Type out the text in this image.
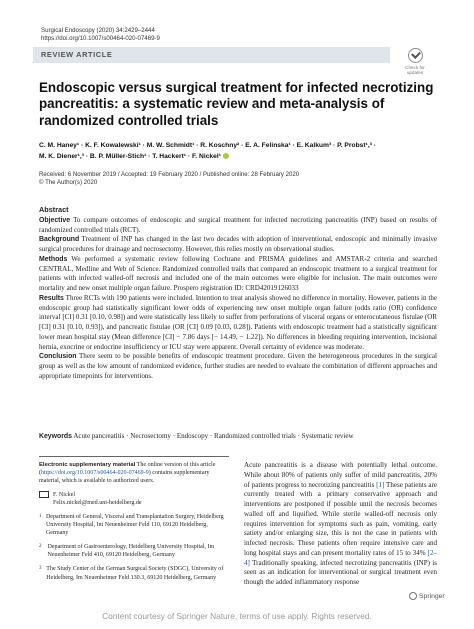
Surgical Endoscopy (2020) 34:2429–2444
https://doi.org/10.1007/s00464-020-07469-9
REVIEW ARTICLE
Check for updates
Endoscopic versus surgical treatment for infected necrotizing pancreatitis: a systematic review and meta-analysis of randomized controlled trials
C. M. Haney¹ · K. F. Kowalewski¹ · M. W. Schmidt¹ · R. Koschny² · E. A. Felinska¹ · E. Kalkum³ · P. Probst¹,³ ·
M. K. Diener¹,³ · B. P. Müller-Stich¹ · T. Hackert¹ · F. Nickel¹
Received: 6 November 2019 / Accepted: 19 February 2020 / Published online: 28 February 2020
© The Author(s) 2020
Abstract

Objective To compare outcomes of endoscopic and surgical treatment for infected necrotizing pancreatitis (INP) based on results of randomized controlled trials (RCT).

Background Treatment of INP has changed in the last two decades with adoption of interventional, endoscopic and minimally invasive surgical procedures for drainage and necrosectomy. However, this relies mostly on observational studies.

Methods We performed a systematic review following Cochrane and PRISMA guidelines and AMSTAR-2 criteria and searched CENTRAL, Medline and Web of Science. Randomized controlled trails that compared an endoscopic treatment to a surgical treatment for patients with infected walled-off necrosis and included one of the main outcomes were eligible for inclusion. The main outcomes were mortality and new onset multiple organ failure. Prospero registration ID: CRD42019126033

Results Three RCTs with 190 patients were included. Intention to treat analysis showed no difference in mortality. However, patients in the endoscopic group had statistically significant lower odds of experiencing new onset multiple organ failure (odds ratio (OR) confidence interval [CI] 0.31 [0.10, 0.98]) and were statistically less likely to suffer from perforations of visceral organs or enterocutaneous fistulae (OR [CI] 0.31 [0.10, 0.93]), and pancreatic fistulae (OR [CI] 0.09 [0.03, 0.28]). Patients with endoscopic treatment had a statistically significant lower mean hospital stay (Mean difference [CI] − 7.86 days [− 14.49, − 1.22]). No differences in bleeding requiring intervention, incisional hernia, exocrine or endocrine insufficiency or ICU stay were apparent. Overall certainty of evidence was moderate.

Conclusion There seem to be possible benefits of endoscopic treatment procedure. Given the heterogeneous procedures in the surgical group as well as the low amount of randomized evidence, further studies are needed to evaluate the combination of different approaches and appropriate timepoints for interventions.

Keywords Acute pancreatitis · Necrosectomy · Endoscopy · Randomized controlled trials · Systematic review

Electronic supplementary material The online version of this article (https://doi.org/10.1007/s00464-020-07469-9) contains supplementary material, which is available to authorized users.

F. Nickel
Felix.nickel@med.uni-heidelberg.de

1 Department of General, Visceral and Transplantation Surgery, Heidelberg University Hospital, Im Neuenheimer Feld 110, 69120 Heidelberg, Germany

2 Department of Gastroenterology, Heidelberg University Hospital, Im Neuenheimer Feld 410, 69120 Heidelberg, Germany

3 The Study Center of the German Surgical Society (SDGC), University of Heidelberg, Im Neuenheimer Feld 130.3, 69120 Heidelberg, Germany

Acute pancreatitis is a disease with potentially lethal outcome. While about 80% of patients only suffer of mild pancreatitis, 20% of patients progress to necrotizing pancreatitis [1] These patients are currently treated with a primary conservative approach and interventions are postponed if possible until the necrosis becomes walled off and liquified. While sterile walled-off necrosis only requires intervention for symptoms such as pain, vomiting, early satiety and/or enlarging size, this is not the case in patients with infected necrosis. These patients often require intensive care and long hospital stays and can present mortality rates of 15 to 34% [2–4] Traditionally speaking, infected necrotizing pancreatitis (INP) is seen as an indication for interventional or surgical treatment even though the added inflammatory response
Springer
Content courtesy of Springer Nature, terms of use apply. Rights reserved.
